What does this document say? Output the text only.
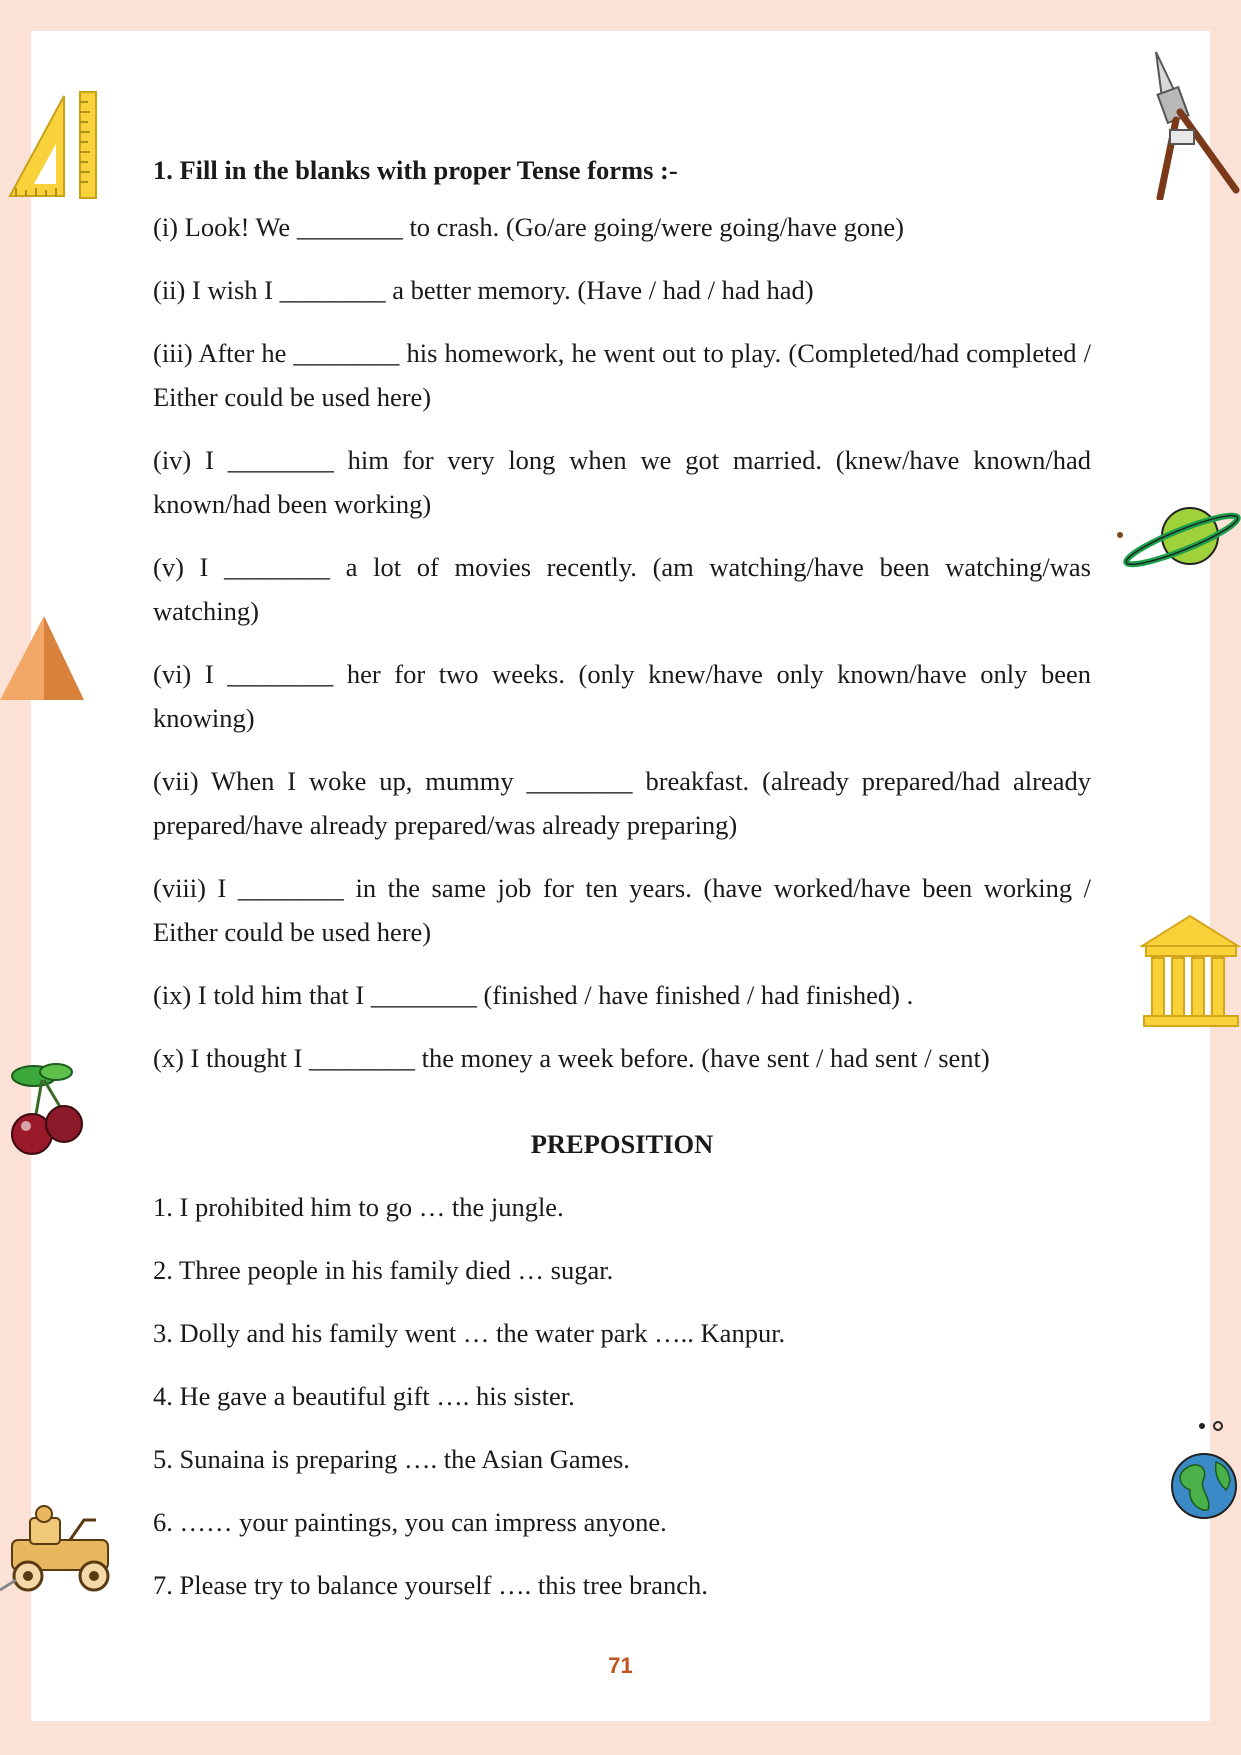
1. Fill in the blanks with proper Tense forms :-
(i) Look! We ________ to crash. (Go/are going/were going/have gone)
(ii) I wish I ________ a better memory. (Have / had / had had)
(iii) After he ________ his homework, he went out to play. (Completed/had completed / Either could be used here)
(iv) I ________ him for very long when we got married. (knew/have known/had known/had been working)
(v) I ________ a lot of movies recently. (am watching/have been watching/was watching)
(vi) I ________ her for two weeks. (only knew/have only known/have only been knowing)
(vii) When I woke up, mummy ________ breakfast. (already prepared/had already prepared/have already prepared/was already preparing)
(viii) I ________ in the same job for ten years. (have worked/have been working / Either could be used here)
(ix) I told him that I ________ (finished / have finished / had finished) .
(x) I thought I ________ the money a week before. (have sent / had sent / sent)
PREPOSITION
1. I prohibited him to go … the jungle.
2. Three people in his family died … sugar.
3. Dolly and his family went … the water park ….. Kanpur.
4. He gave a beautiful gift …. his sister.
5. Sunaina is preparing …. the Asian Games.
6. …… your paintings, you can impress anyone.
7. Please try to balance yourself …. this tree branch.
71
